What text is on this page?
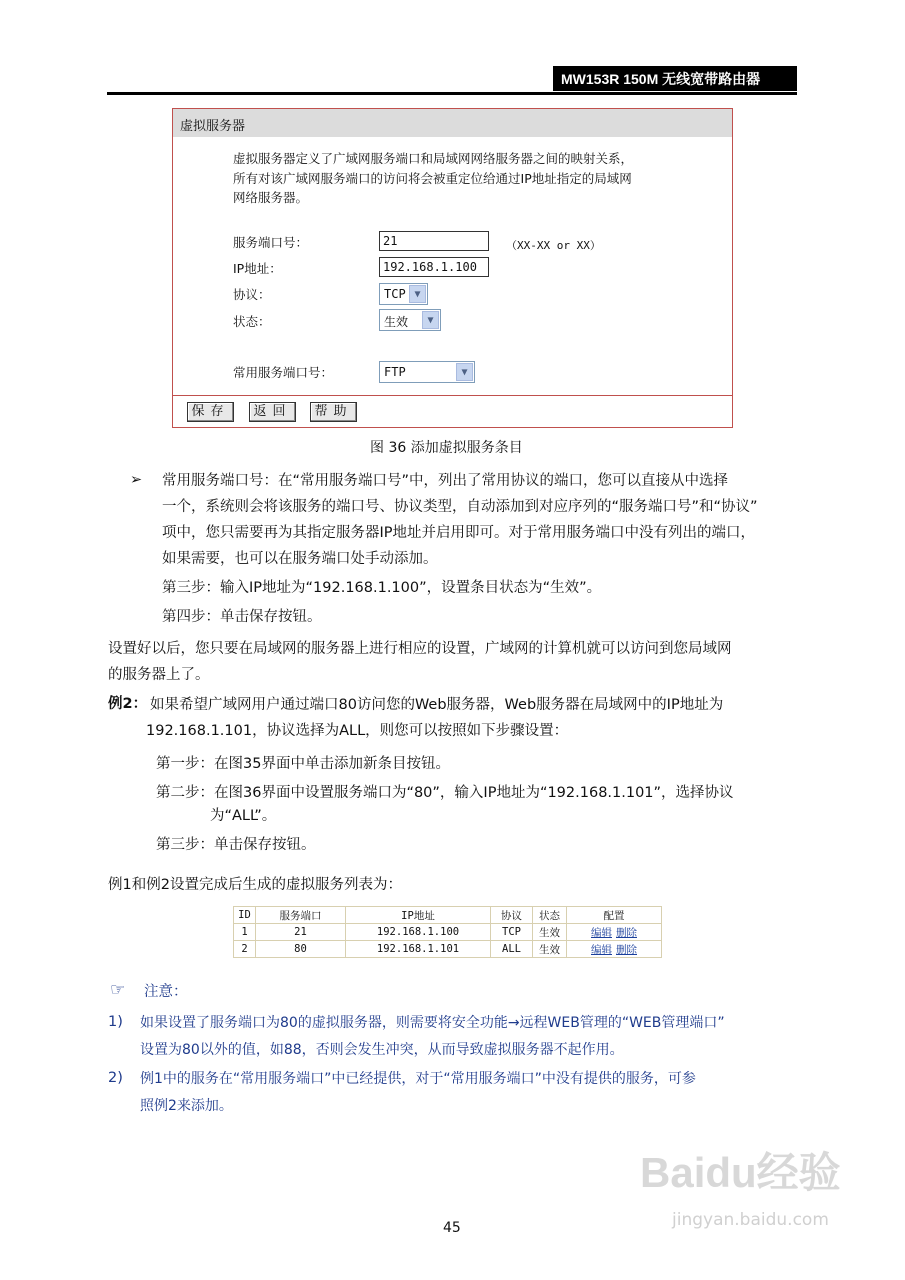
MW153R 150M 无线宽带路由器
虚拟服务器
虚拟服务器定义了广域网服务端口和局域网网络服务器之间的映射关系，
所有对该广域网服务端口的访问将会被重定位给通过IP地址指定的局域网
网络服务器。
服务端口号：	21	（XX-XX or XX）
IP地址：	192.168.1.100
协议：	TCP ▼
状态：	生效	▼
常用服务端口号：	FTP	▼
保存	返回	帮助
图 36 添加虚拟服务条目
➢ 常用服务端口号：在“常用服务端口号”中，列出了常用协议的端口，您可以直接从中选择
一个，系统则会将该服务的端口号、协议类型，自动添加到对应序列的“服务端口号”和“协议”
项中，您只需要再为其指定服务器IP地址并启用即可。对于常用服务端口中没有列出的端口，
如果需要，也可以在服务端口处手动添加。
第三步：输入IP地址为“192.168.1.100”，设置条目状态为“生效”。
第四步：单击保存按钮。
设置好以后，您只要在局域网的服务器上进行相应的设置，广域网的计算机就可以访问到您局域网
的服务器上了。
例2： 如果希望广域网用户通过端口80访问您的Web服务器，Web服务器在局域网中的IP地址为
192.168.1.101，协议选择为ALL，则您可以按照如下步骤设置：
第一步：在图35界面中单击添加新条目按钮。
第二步：在图36界面中设置服务端口为“80”，输入IP地址为“192.168.1.101”，选择协议
为“ALL”。
第三步：单击保存按钮。
例1和例2设置完成后生成的虚拟服务列表为：
ID	服务端口	IP地址	协议	状态	配置
1	21	192.168.1.100	TCP	生效	编辑 删除
2	80	192.168.1.101	ALL	生效	编辑 删除
☞ 注意：
1) 如果设置了服务端口为80的虚拟服务器，则需要将安全功能→远程WEB管理的“WEB管理端口”
设置为80以外的值，如88，否则会发生冲突，从而导致虚拟服务器不起作用。
2) 例1中的服务在“常用服务端口”中已经提供，对于“常用服务端口”中没有提供的服务，可参
照例2来添加。
Baidu经验
jingyan.baidu.com
45
